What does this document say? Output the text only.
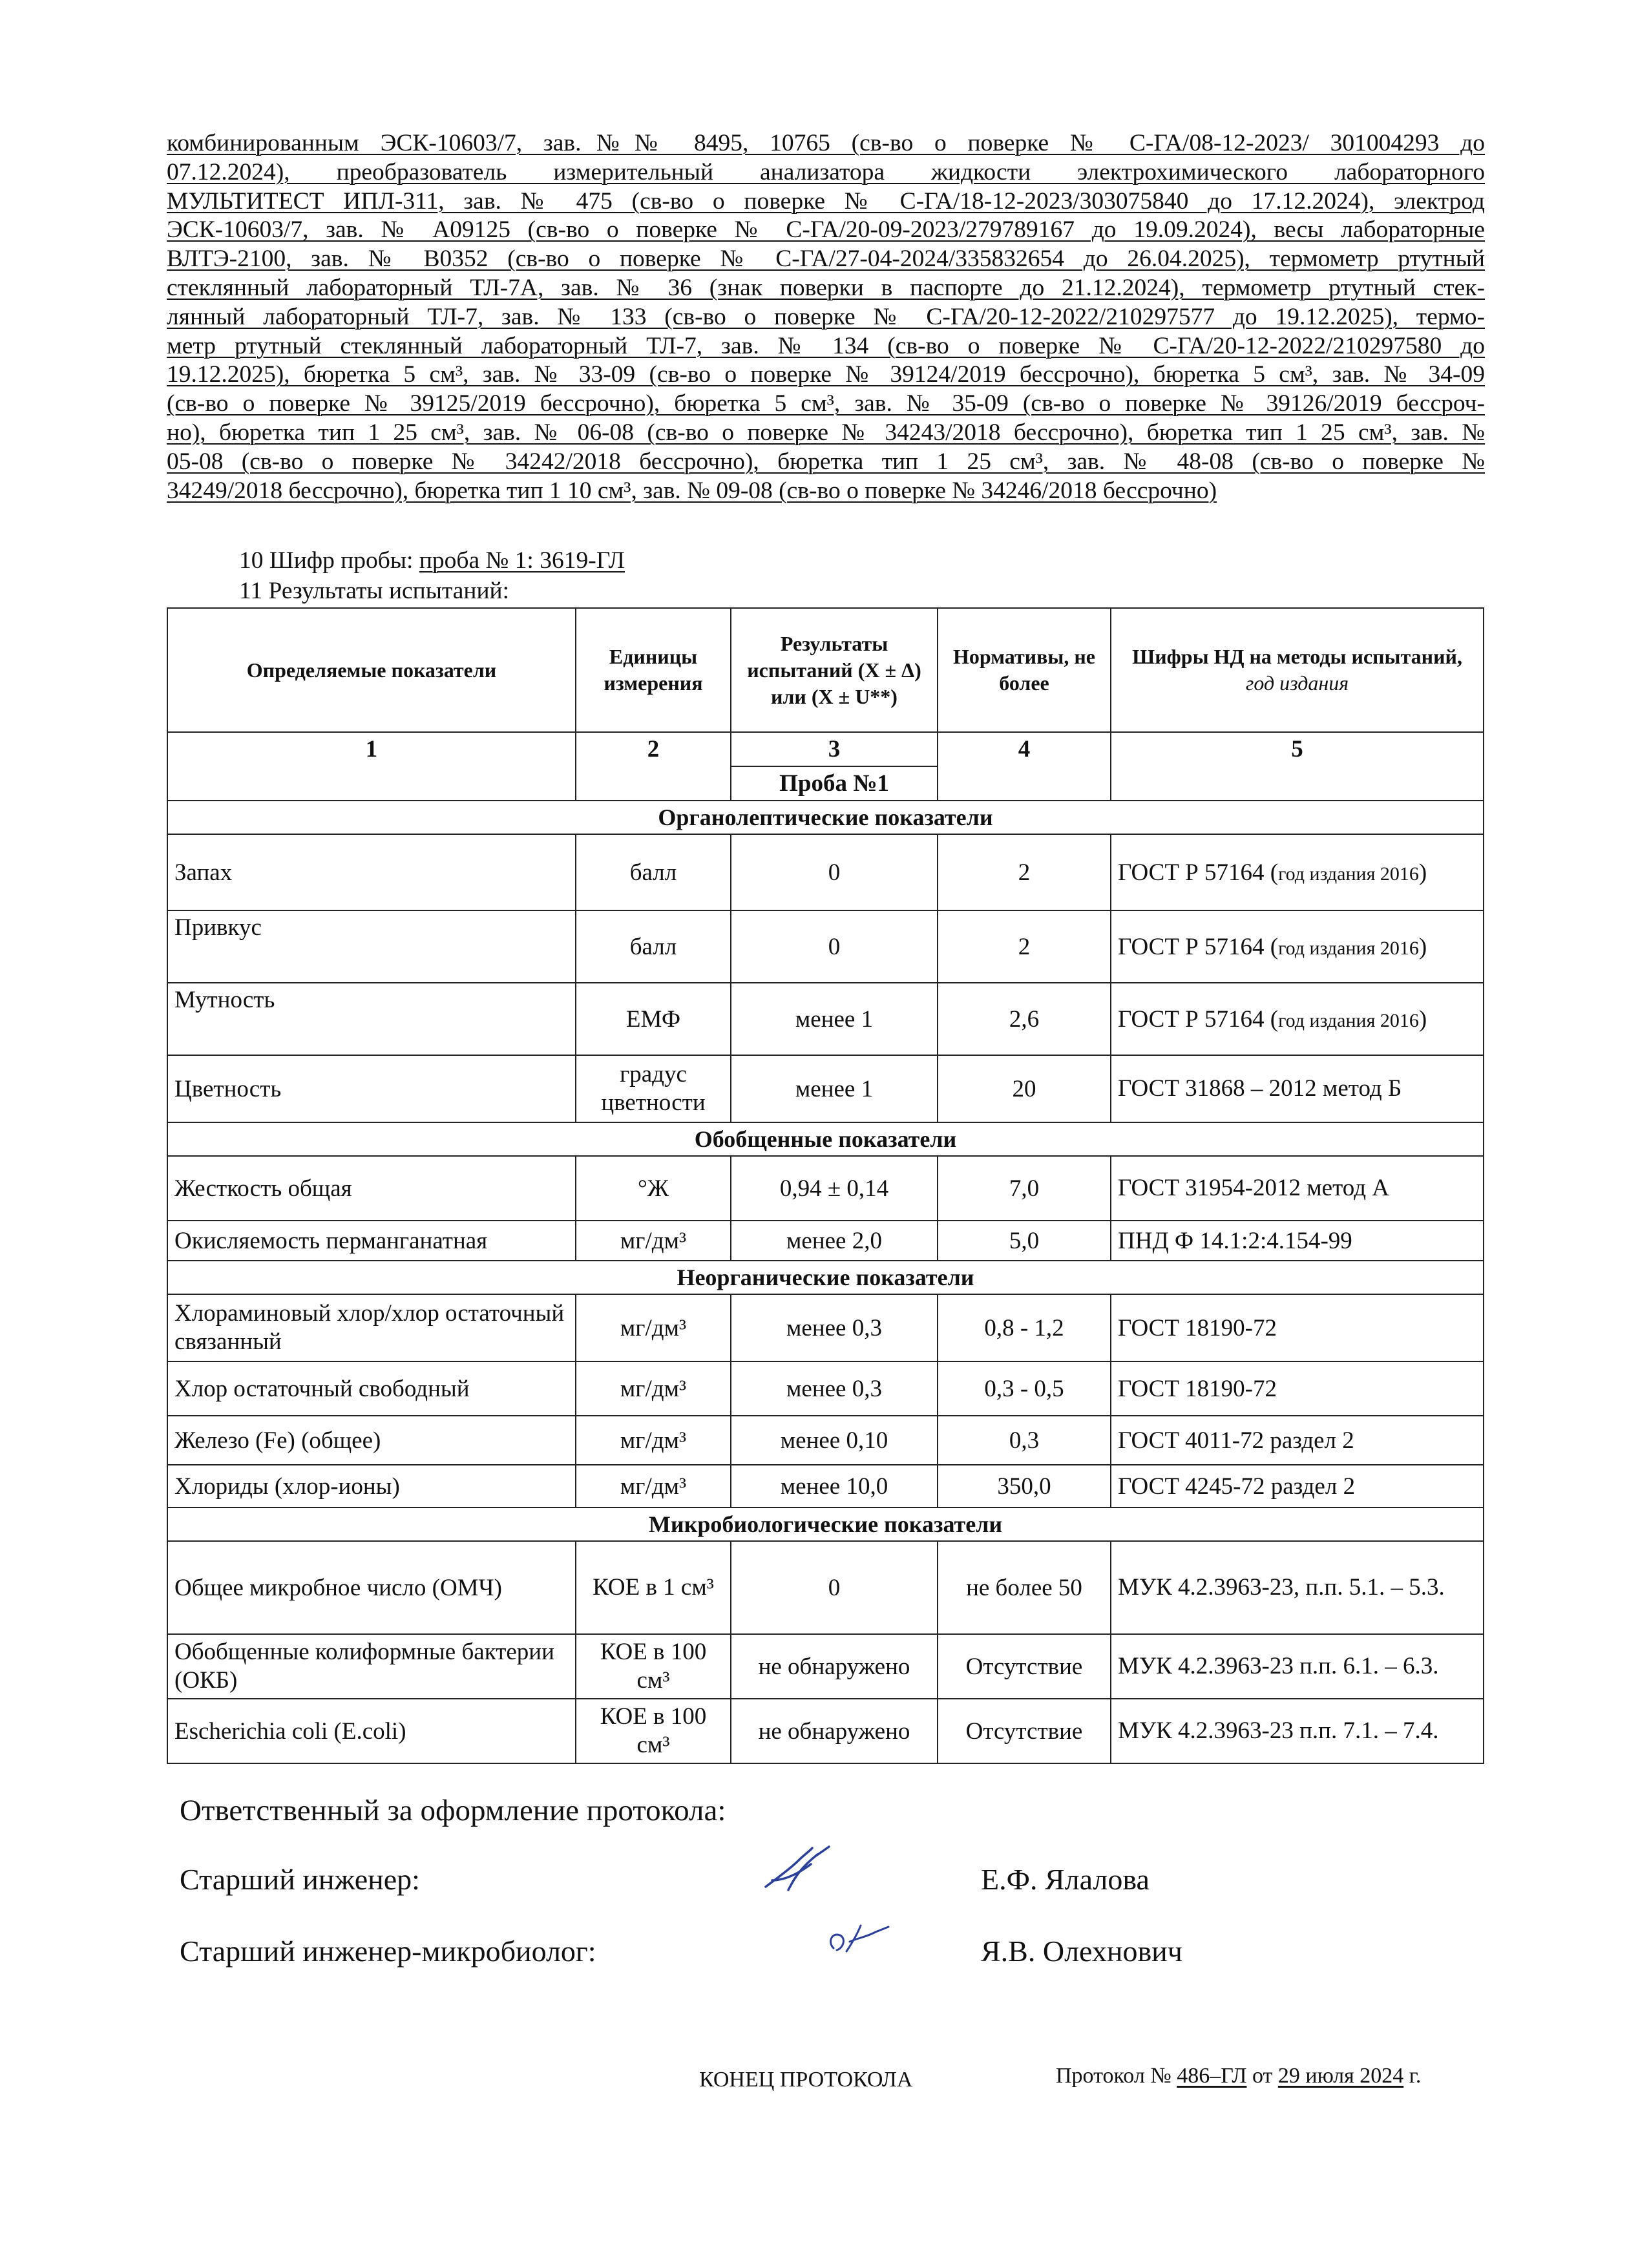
комбинированным ЭСК-10603/7, зав.№№ 8495, 10765 (св-во о поверке № С-ГА/08-12-2023/ 301004293 до
07.12.2024), преобразователь измерительный анализатора жидкости электрохимического лабораторного
МУЛЬТИТЕСТ ИПЛ-311, зав. № 475 (св-во о поверке № С-ГА/18-12-2023/303075840 до 17.12.2024), электрод
ЭСК-10603/7, зав. № А09125 (св-во о поверке № С-ГА/20-09-2023/279789167 до 19.09.2024), весы лабораторные
ВЛТЭ-2100, зав. № В0352 (св-во о поверке № С-ГА/27-04-2024/335832654 до 26.04.2025), термометр ртутный
стеклянный лабораторный ТЛ-7А, зав. № 36 (знак поверки в паспорте до 21.12.2024), термометр ртутный стек-
лянный лабораторный ТЛ-7, зав. № 133 (св-во о поверке № С-ГА/20-12-2022/210297577 до 19.12.2025), термо-
метр ртутный стеклянный лабораторный ТЛ-7, зав. № 134 (св-во о поверке № С-ГА/20-12-2022/210297580 до
19.12.2025), бюретка 5 см³, зав. № 33-09 (св-во о поверке № 39124/2019 бессрочно), бюретка 5 см³, зав. № 34-09
(св-во о поверке № 39125/2019 бессрочно), бюретка 5 см³, зав. № 35-09 (св-во о поверке № 39126/2019 бессроч-
но), бюретка тип 1 25 см³, зав. № 06-08 (св-во о поверке № 34243/2018 бессрочно), бюретка тип 1 25 см³, зав. №
05-08 (св-во о поверке № 34242/2018 бессрочно), бюретка тип 1 25 см³, зав. № 48-08 (св-во о поверке №
34249/2018 бессрочно), бюретка тип 1 10 см³, зав. № 09-08 (св-во о поверке № 34246/2018 бессрочно)
10 Шифр пробы: проба № 1: 3619-ГЛ
11 Результаты испытаний:
Определяемые показатели	Единицы измерения	Результаты испытаний (X ± Δ) или (X ± U**)	Нормативы, не более	Шифры НД на методы испытаний,
год издания
1	2	3	4	5
		Проба №1		
Органолептические показатели				
Запах	балл	0	2	ГОСТ Р 57164 (год издания 2016)
Привкус	балл	0	2	ГОСТ Р 57164 (год издания 2016)
Мутность	ЕМФ	менее 1	2,6	ГОСТ Р 57164 (год издания 2016)
Цветность	градус цветности	менее 1	20	ГОСТ 31868 – 2012 метод Б
Обобщенные показатели				
Жесткость общая	°Ж	0,94 ± 0,14	7,0	ГОСТ 31954-2012 метод А
Окисляемость перманганатная	мг/дм³	менее 2,0	5,0	ПНД Ф 14.1:2:4.154-99
Неорганические показатели				
Хлораминовый хлор/хлор остаточный связанный	мг/дм³	менее 0,3	0,8 - 1,2	ГОСТ 18190-72
Хлор остаточный свободный	мг/дм³	менее 0,3	0,3 - 0,5	ГОСТ 18190-72
Железо (Fe) (общее)	мг/дм³	менее 0,10	0,3	ГОСТ 4011-72 раздел 2
Хлориды (хлор-ионы)	мг/дм³	менее 10,0	350,0	ГОСТ 4245-72 раздел 2
Микробиологические показатели				
Общее микробное число (ОМЧ)	КОЕ в 1 см³	0	не более 50	МУК 4.2.3963-23, п.п. 5.1. – 5.3.
Обобщенные колиформные бактерии (ОКБ)	КОЕ в 100 см³	не обнаружено	Отсутствие	МУК 4.2.3963-23 п.п. 6.1. – 6.3.
Escherichia coli (E.coli)	КОЕ в 100 см³	не обнаружено	Отсутствие	МУК 4.2.3963-23 п.п. 7.1. – 7.4.
Ответственный за оформление протокола:
Старший инженер:	Е.Ф. Ялалова
Старший инженер-микробиолог:	Я.В. Олехнович
КОНЕЦ ПРОТОКОЛА	Протокол № 486–ГЛ от 29 июля 2024 г.
